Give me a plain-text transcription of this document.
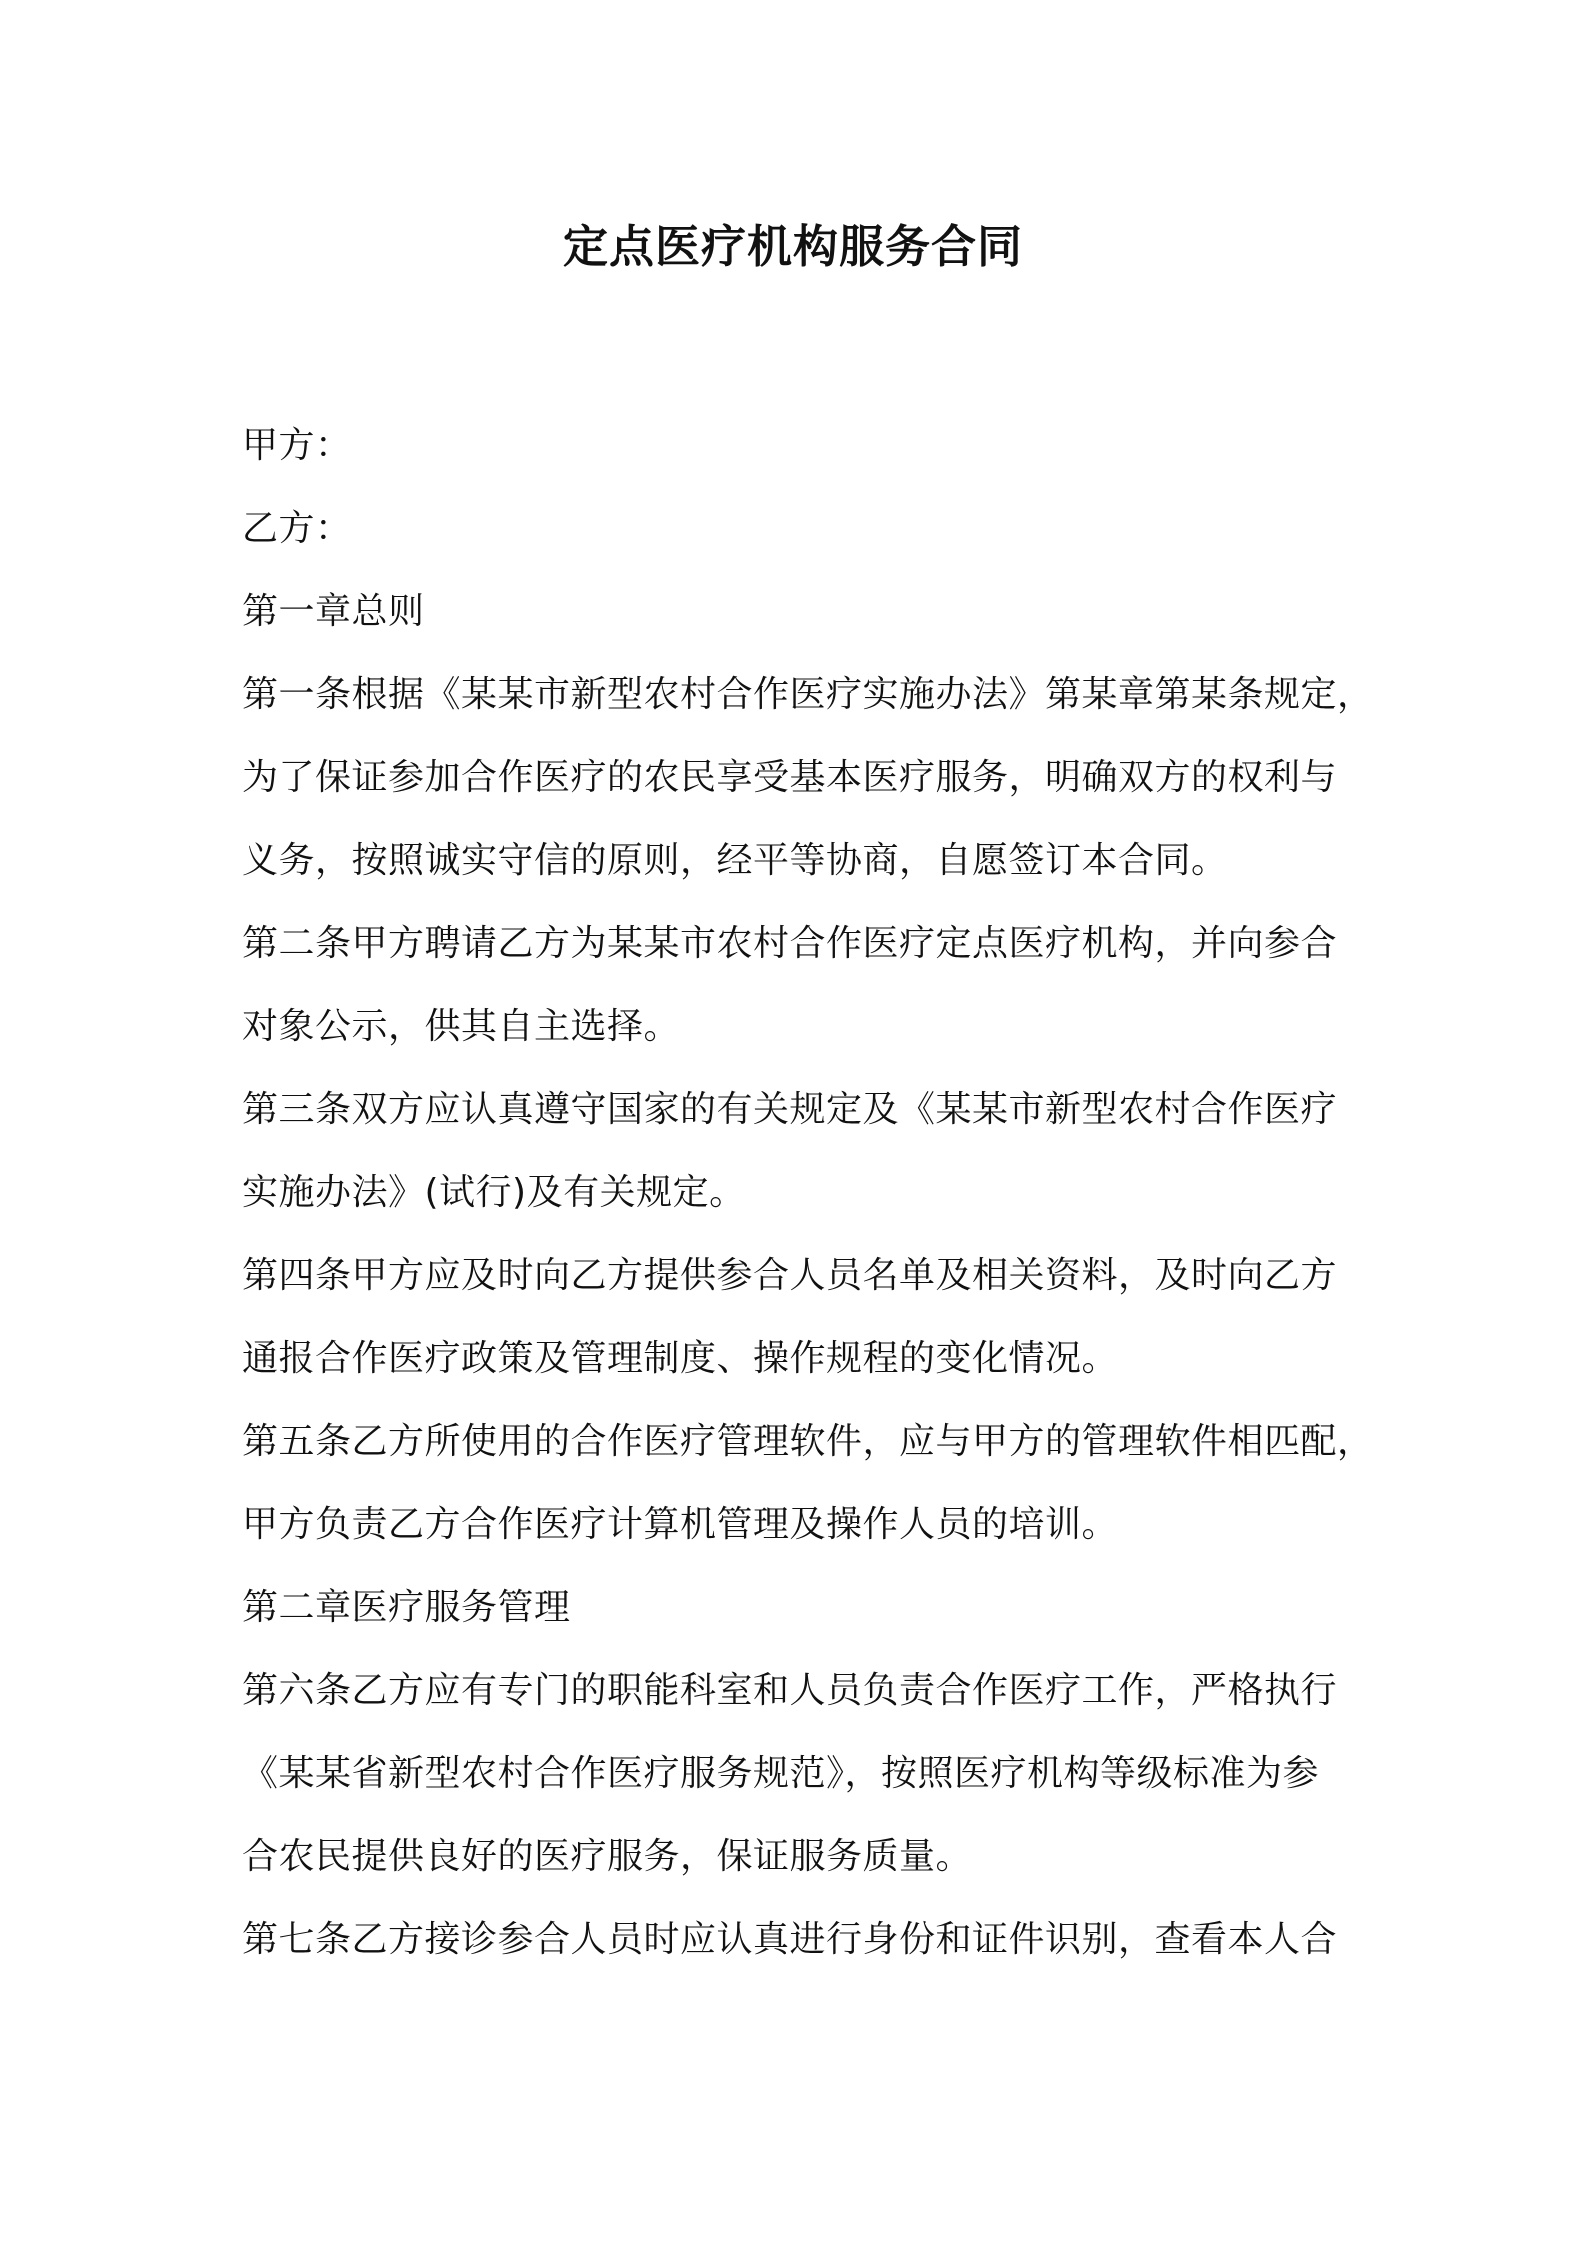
定点医疗机构服务合同
甲方：
乙方：
第一章总则
第一条根据《某某市新型农村合作医疗实施办法》第某章第某条规定，
为了保证参加合作医疗的农民享受基本医疗服务，明确双方的权利与
义务，按照诚实守信的原则，经平等协商，自愿签订本合同。
第二条甲方聘请乙方为某某市农村合作医疗定点医疗机构，并向参合
对象公示，供其自主选择。
第三条双方应认真遵守国家的有关规定及《某某市新型农村合作医疗
实施办法》(试行)及有关规定。
第四条甲方应及时向乙方提供参合人员名单及相关资料，及时向乙方
通报合作医疗政策及管理制度、操作规程的变化情况。
第五条乙方所使用的合作医疗管理软件，应与甲方的管理软件相匹配，
甲方负责乙方合作医疗计算机管理及操作人员的培训。
第二章医疗服务管理
第六条乙方应有专门的职能科室和人员负责合作医疗工作，严格执行
《某某省新型农村合作医疗服务规范》，按照医疗机构等级标准为参
合农民提供良好的医疗服务，保证服务质量。
第七条乙方接诊参合人员时应认真进行身份和证件识别，查看本人合
